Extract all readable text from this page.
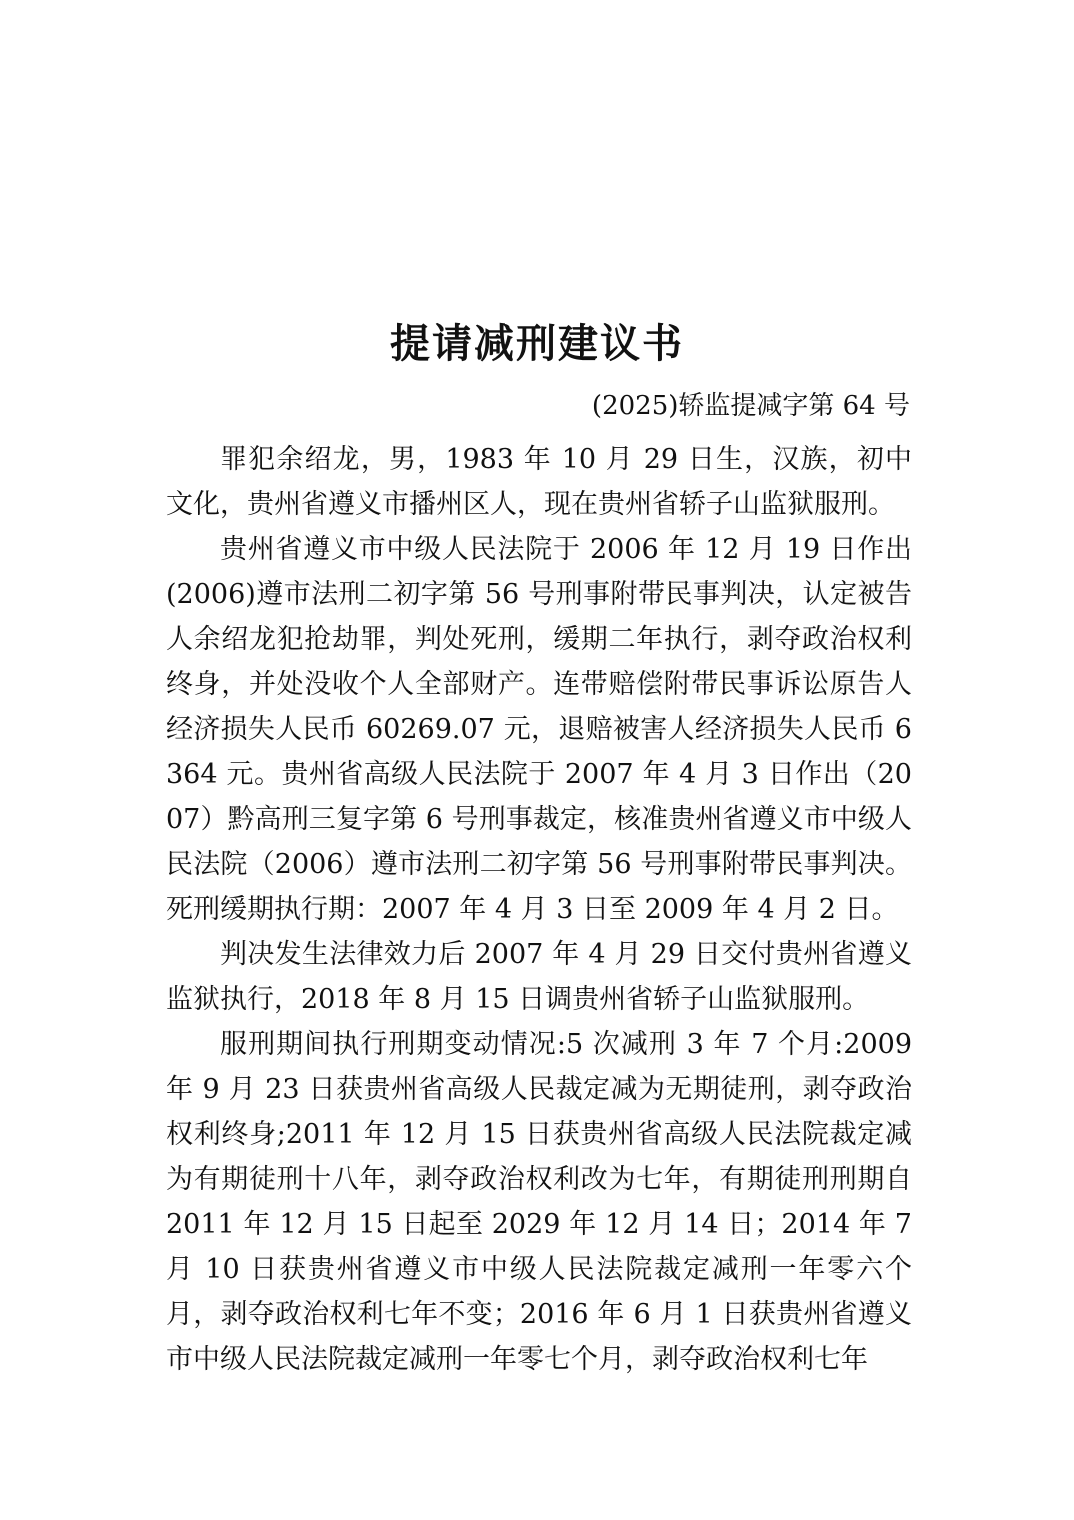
提请减刑建议书
(2025)轿监提减字第 64 号

罪犯余绍龙，男，1983 年 10 月 29 日生，汉族，初中文化，贵州省遵义市播州区人，现在贵州省轿子山监狱服刑。

贵州省遵义市中级人民法院于 2006 年 12 月 19 日作出(2006)遵市法刑二初字第 56 号刑事附带民事判决，认定被告人余绍龙犯抢劫罪，判处死刑，缓期二年执行，剥夺政治权利终身，并处没收个人全部财产。连带赔偿附带民事诉讼原告人经济损失人民币 60269.07 元，退赔被害人经济损失人民币 6364 元。贵州省高级人民法院于 2007 年 4 月 3 日作出（2007）黔高刑三复字第 6 号刑事裁定，核准贵州省遵义市中级人民法院（2006）遵市法刑二初字第 56 号刑事附带民事判决。死刑缓期执行期：2007 年 4 月 3 日至 2009 年 4 月 2 日。

判决发生法律效力后 2007 年 4 月 29 日交付贵州省遵义监狱执行，2018 年 8 月 15 日调贵州省轿子山监狱服刑。

服刑期间执行刑期变动情况:5 次减刑 3 年 7 个月:2009 年 9 月 23 日获贵州省高级人民裁定减为无期徒刑，剥夺政治权利终身;2011 年 12 月 15 日获贵州省高级人民法院裁定减为有期徒刑十八年，剥夺政治权利改为七年，有期徒刑刑期自 2011 年 12 月 15 日起至 2029 年 12 月 14 日；2014 年 7 月 10 日获贵州省遵义市中级人民法院裁定减刑一年零六个月，剥夺政治权利七年不变；2016 年 6 月 1 日获贵州省遵义市中级人民法院裁定减刑一年零七个月，剥夺政治权利七年
